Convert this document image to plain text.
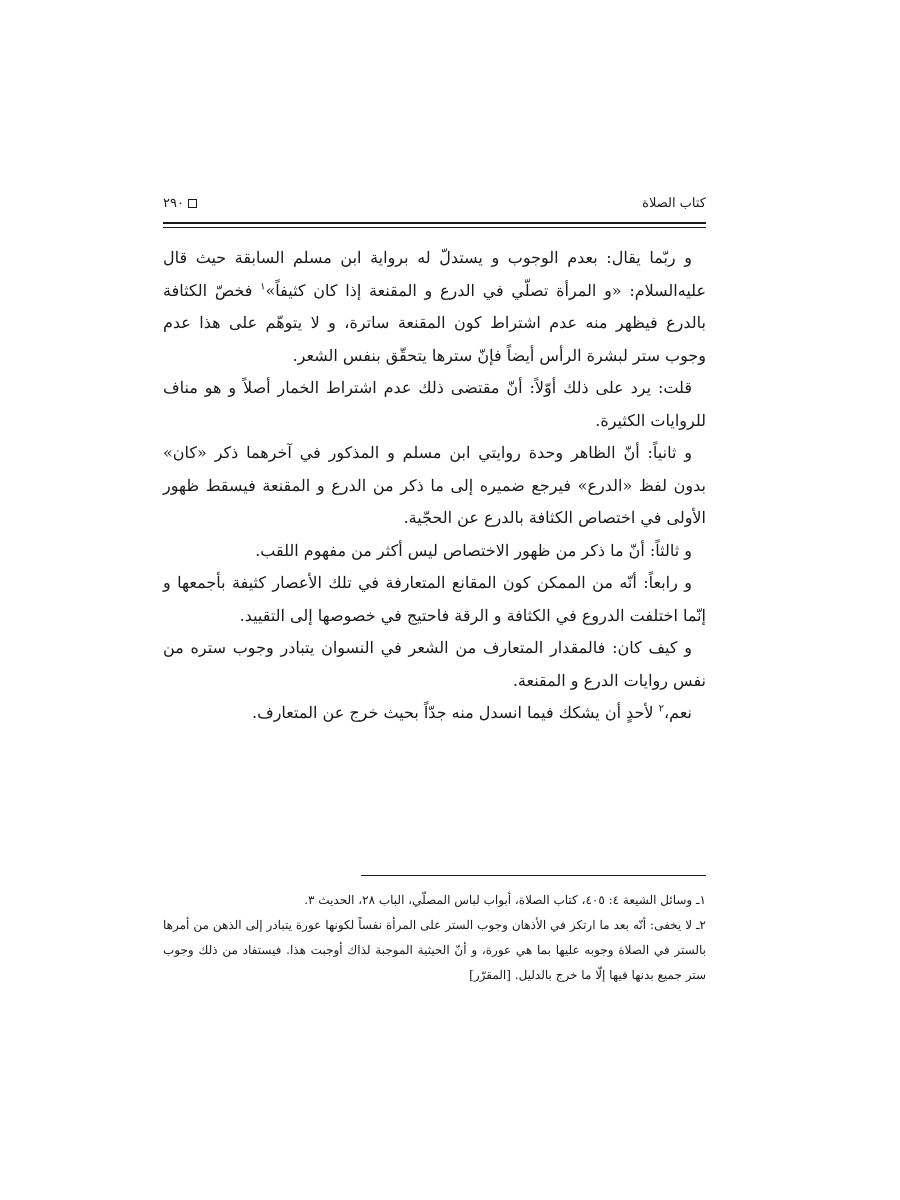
٢٩٠	كتاب الصلاة

و ربّما يقال: بعدم الوجوب و يستدلّ له برواية ابن مسلم السابقة حيث قال عليه‌السلام: «و المرأة تصلّي في الدرع و المقنعة إذا كان كثيفاً»$^١$ فخصّ الكثافة بالدرع فيظهر منه عدم اشتراط كون المقنعة ساترة، و لا يتوهّم على هذا عدم وجوب ستر لبشرة الرأس أيضاً فإنّ سترها يتحقّق بنفس الشعر.

قلت: يرد على ذلك أوّلاً: أنّ مقتضى ذلك عدم اشتراط الخمار أصلاً و هو مناف للروايات الكثيرة.

و ثانياً: أنّ الظاهر وحدة روايتي ابن مسلم و المذكور في آخرهما ذكر «كان» بدون لفظ «الدرع» فيرجع ضميره إلى ما ذكر من الدرع و المقنعة فيسقط ظهور الأولى في اختصاص الكثافة بالدرع عن الحجّية.

و ثالثاً: أنّ ما ذكر من ظهور الاختصاص ليس أكثر من مفهوم اللقب.

و رابعاً: أنّه من الممكن كون المقانع المتعارفة في تلك الأعصار كثيفة بأجمعها و إنّما اختلفت الدروع في الكثافة و الرقة فاحتيج في خصوصها إلى التقييد.

و كيف كان: فالمقدار المتعارف من الشعر في النسوان يتبادر وجوب ستره من نفس روايات الدرع و المقنعة.

نعم،$^٢$ لأحدٍ أن يشكك فيما انسدل منه جدّاً بحيث خرج عن المتعارف.

١ـ وسائل الشيعة ٤: ٤٠٥، كتاب الصلاة، أبواب لباس المصلّي، الباب ٢٨، الحديث ٣.

٢ـ لا يخفى: أنّه بعد ما ارتكز في الأذهان وجوب الستر على المرأة نفساً لكونها عورة يتبادر إلى الذهن من أمرها بالستر في الصلاة وجوبه عليها بما هي عورة، و أنّ الحيثية الموجبة لذاك أوجبت هذا. فيستفاد من ذلك وجوب ستر جميع بدنها فيها إلّا ما خرج بالدليل. [المقرّر]
